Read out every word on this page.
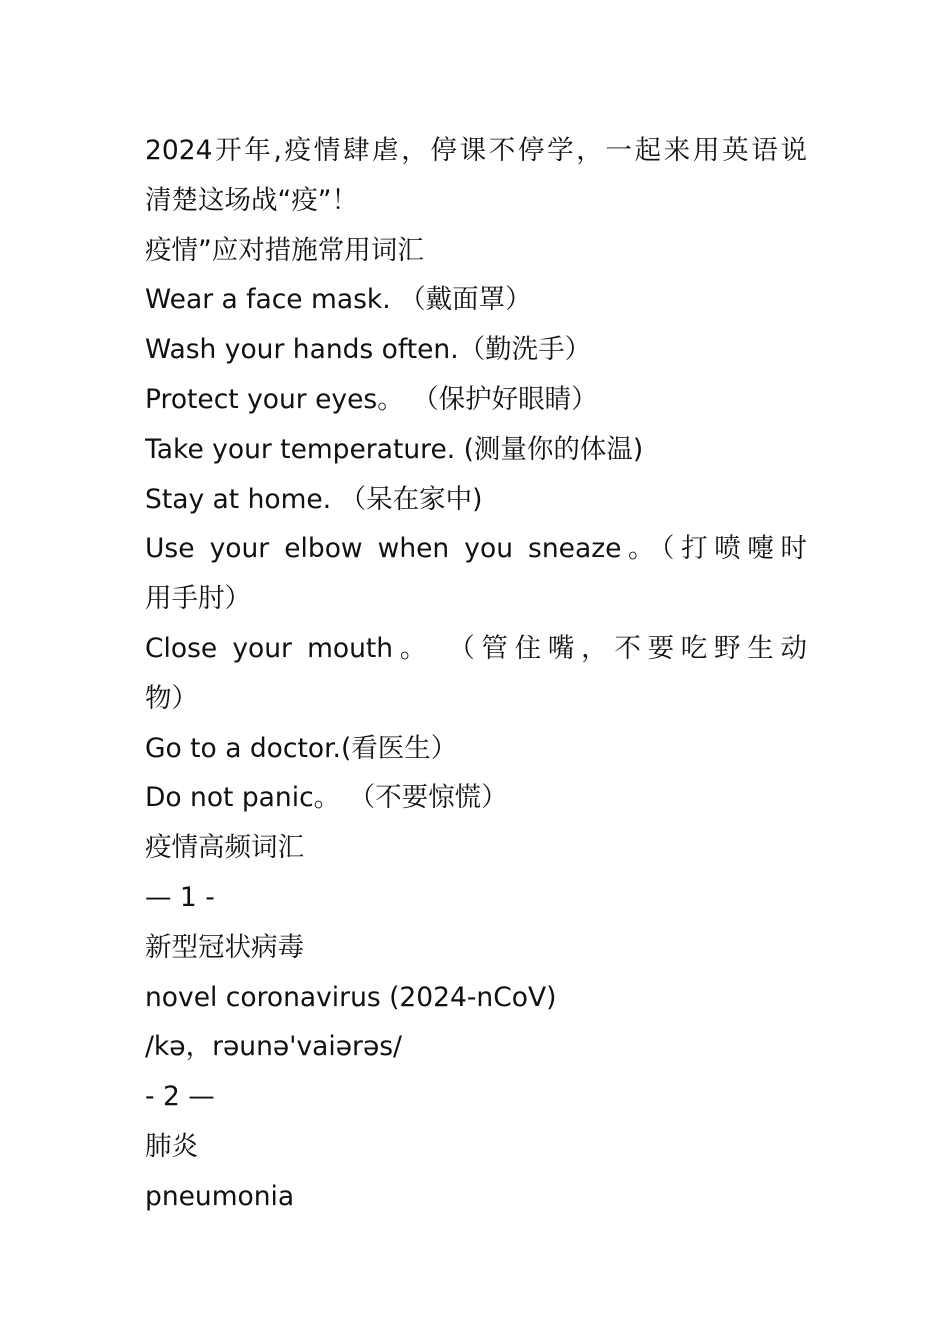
2024开年,疫情肆虐，停课不停学，一起来用英语说

清楚这场战“疫”！

疫情”应对措施常用词汇

Wear a face mask. （戴面罩）

Wash your hands often.（勤洗手）

Protect your eyes。 （保护好眼睛）

Take your temperature. (测量你的体温)

Stay at home. （呆在家中)

Use your elbow when you sneaze。（打喷嚏时

用手肘）

Close your mouth。 （管住嘴，不要吃野生动

物）

Go to a doctor.(看医生）

Do not panic。 （不要惊慌）

疫情高频词汇

— 1 -

新型冠状病毒

novel coronavirus (2024-nCoV)

/kə，rəunə'vaiərəs/

- 2 —

肺炎

pneumonia
